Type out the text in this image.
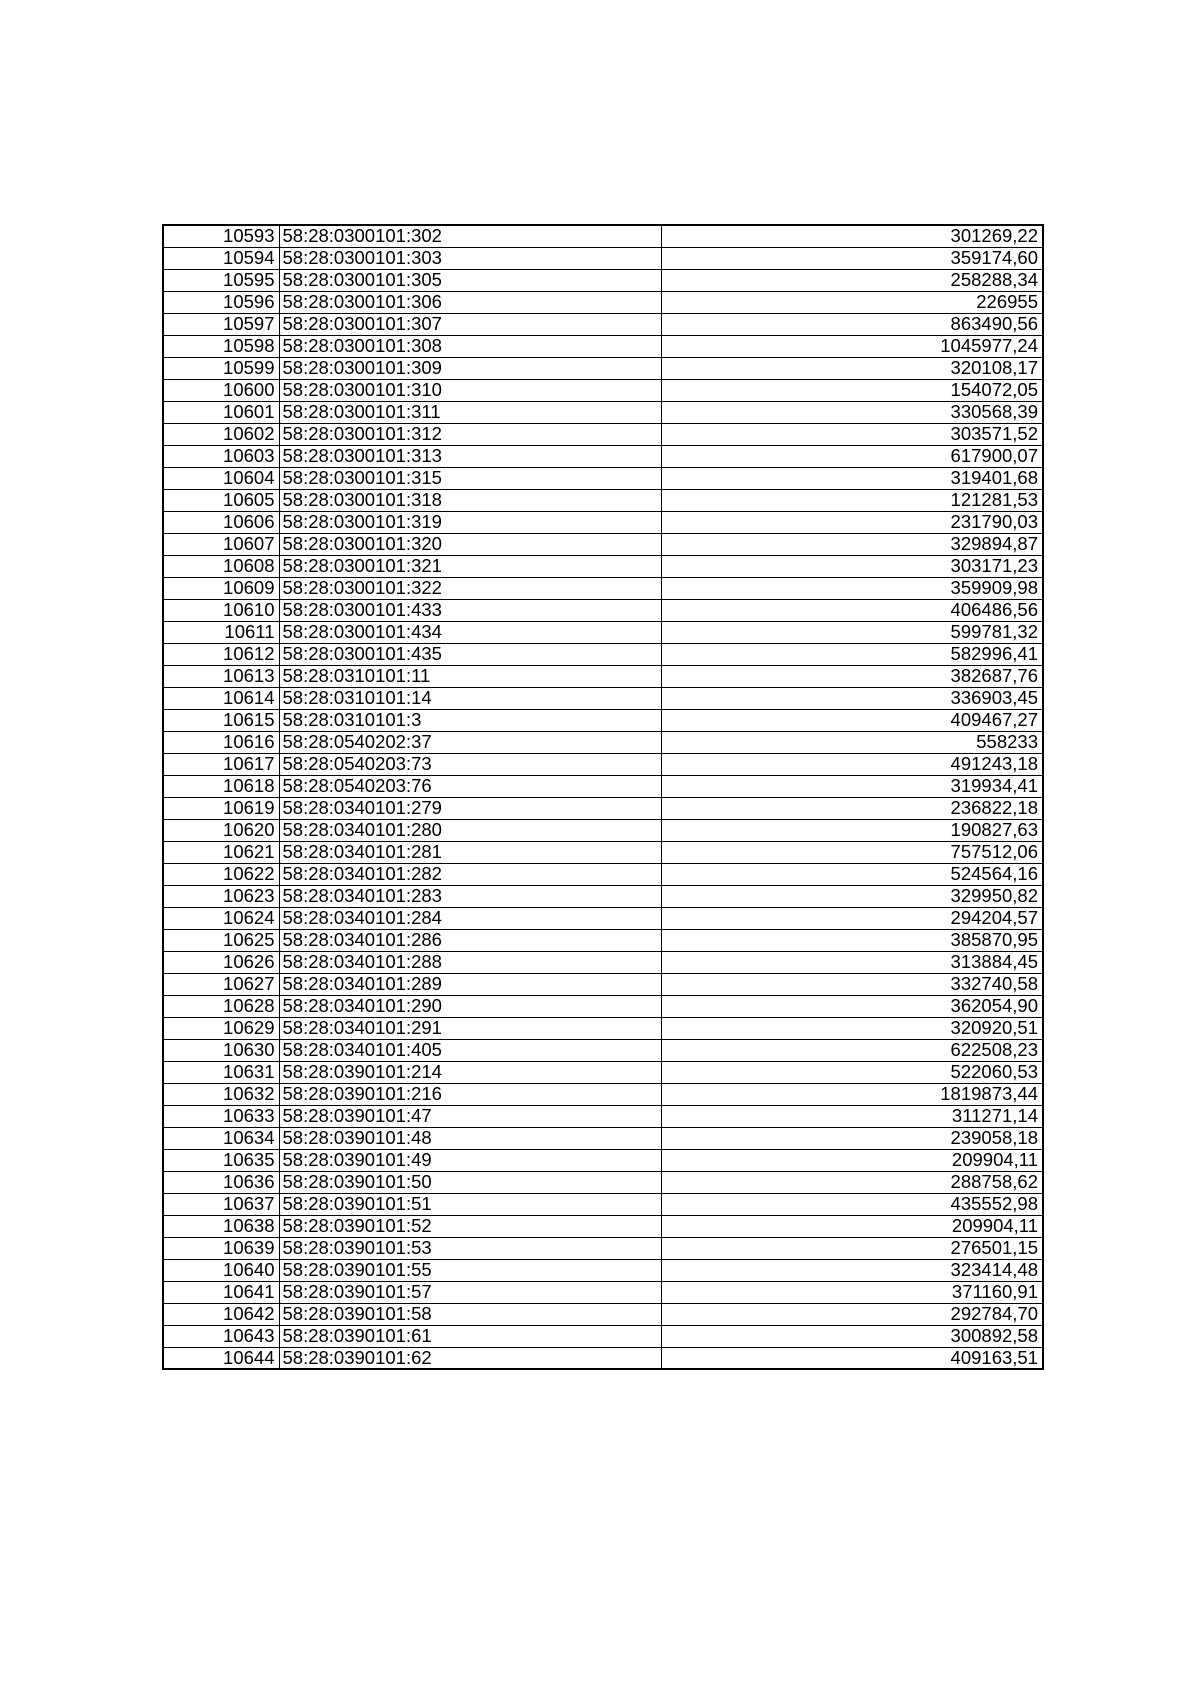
10593	58:28:0300101:302	301269,22
10594	58:28:0300101:303	359174,60
10595	58:28:0300101:305	258288,34
10596	58:28:0300101:306	226955
10597	58:28:0300101:307	863490,56
10598	58:28:0300101:308	1045977,24
10599	58:28:0300101:309	320108,17
10600	58:28:0300101:310	154072,05
10601	58:28:0300101:311	330568,39
10602	58:28:0300101:312	303571,52
10603	58:28:0300101:313	617900,07
10604	58:28:0300101:315	319401,68
10605	58:28:0300101:318	121281,53
10606	58:28:0300101:319	231790,03
10607	58:28:0300101:320	329894,87
10608	58:28:0300101:321	303171,23
10609	58:28:0300101:322	359909,98
10610	58:28:0300101:433	406486,56
10611	58:28:0300101:434	599781,32
10612	58:28:0300101:435	582996,41
10613	58:28:0310101:11	382687,76
10614	58:28:0310101:14	336903,45
10615	58:28:0310101:3	409467,27
10616	58:28:0540202:37	558233
10617	58:28:0540203:73	491243,18
10618	58:28:0540203:76	319934,41
10619	58:28:0340101:279	236822,18
10620	58:28:0340101:280	190827,63
10621	58:28:0340101:281	757512,06
10622	58:28:0340101:282	524564,16
10623	58:28:0340101:283	329950,82
10624	58:28:0340101:284	294204,57
10625	58:28:0340101:286	385870,95
10626	58:28:0340101:288	313884,45
10627	58:28:0340101:289	332740,58
10628	58:28:0340101:290	362054,90
10629	58:28:0340101:291	320920,51
10630	58:28:0340101:405	622508,23
10631	58:28:0390101:214	522060,53
10632	58:28:0390101:216	1819873,44
10633	58:28:0390101:47	311271,14
10634	58:28:0390101:48	239058,18
10635	58:28:0390101:49	209904,11
10636	58:28:0390101:50	288758,62
10637	58:28:0390101:51	435552,98
10638	58:28:0390101:52	209904,11
10639	58:28:0390101:53	276501,15
10640	58:28:0390101:55	323414,48
10641	58:28:0390101:57	371160,91
10642	58:28:0390101:58	292784,70
10643	58:28:0390101:61	300892,58
10644	58:28:0390101:62	409163,51
